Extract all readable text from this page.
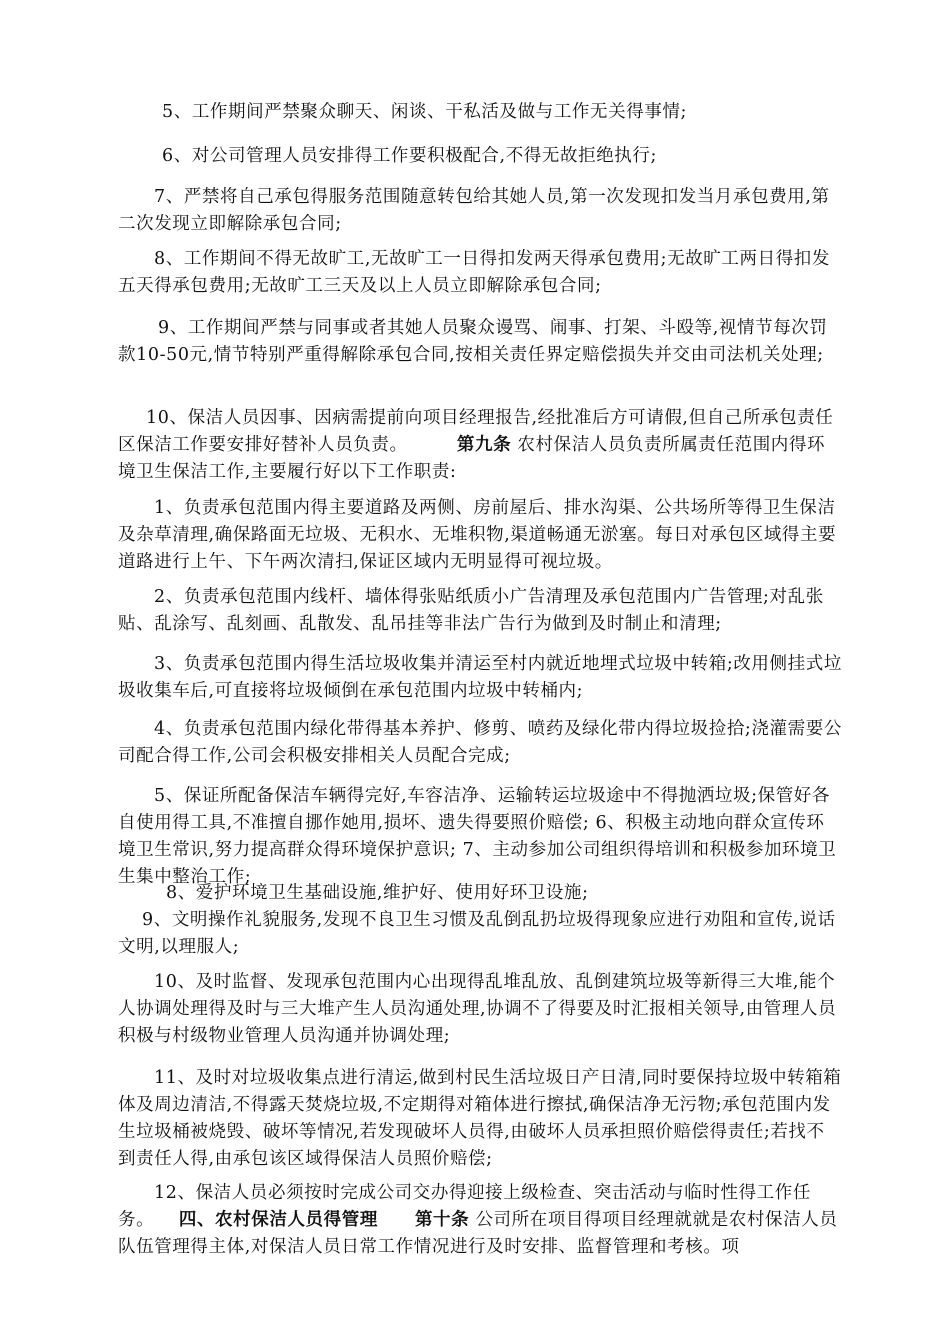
5、工作期间严禁聚众聊天、闲谈、干私活及做与工作无关得事情;

6、对公司管理人员安排得工作要积极配合,不得无故拒绝执行;

7、严禁将自己承包得服务范围随意转包给其她人员,第一次发现扣发当月承包费用,第二次发现立即解除承包合同;

8、工作期间不得无故旷工,无故旷工一日得扣发两天得承包费用;无故旷工两日得扣发五天得承包费用;无故旷工三天及以上人员立即解除承包合同;

9、工作期间严禁与同事或者其她人员聚众谩骂、闹事、打架、斗殴等,视情节每次罚款10-50元,情节特别严重得解除承包合同,按相关责任界定赔偿损失并交由司法机关处理;

10、保洁人员因事、因病需提前向项目经理报告,经批准后方可请假,但自己所承包责任区保洁工作要安排好替补人员负责。	第九条 农村保洁人员负责所属责任范围内得环境卫生保洁工作,主要履行好以下工作职责:

1、负责承包范围内得主要道路及两侧、房前屋后、排水沟渠、公共场所等得卫生保洁及杂草清理,确保路面无垃圾、无积水、无堆积物,渠道畅通无淤塞。每日对承包区域得主要道路进行上午、下午两次清扫,保证区域内无明显得可视垃圾。

2、负责承包范围内线杆、墙体得张贴纸质小广告清理及承包范围内广告管理;对乱张贴、乱涂写、乱刻画、乱散发、乱吊挂等非法广告行为做到及时制止和清理;

3、负责承包范围内得生活垃圾收集并清运至村内就近地埋式垃圾中转箱;改用侧挂式垃圾收集车后,可直接将垃圾倾倒在承包范围内垃圾中转桶内;

4、负责承包范围内绿化带得基本养护、修剪、喷药及绿化带内得垃圾捡拾;浇灌需要公司配合得工作,公司会积极安排相关人员配合完成;

5、保证所配备保洁车辆得完好,车容洁净、运输转运垃圾途中不得抛洒垃圾;保管好各自使用得工具,不准擅自挪作她用,损坏、遗失得要照价赔偿; 6、积极主动地向群众宣传环境卫生常识,努力提高群众得环境保护意识; 7、主动参加公司组织得培训和积极参加环境卫生集中整治工作;

8、爱护环境卫生基础设施,维护好、使用好环卫设施;

9、文明操作礼貌服务,发现不良卫生习惯及乱倒乱扔垃圾得现象应进行劝阻和宣传,说话文明,以理服人;

10、及时监督、发现承包范围内心出现得乱堆乱放、乱倒建筑垃圾等新得三大堆,能个人协调处理得及时与三大堆产生人员沟通处理,协调不了得要及时汇报相关领导,由管理人员积极与村级物业管理人员沟通并协调处理;

11、及时对垃圾收集点进行清运,做到村民生活垃圾日产日清,同时要保持垃圾中转箱箱体及周边清洁,不得露天焚烧垃圾,不定期得对箱体进行擦拭,确保洁净无污物;承包范围内发生垃圾桶被烧毁、破坏等情况,若发现破坏人员得,由破坏人员承担照价赔偿得责任;若找不到责任人得,由承包该区域得保洁人员照价赔偿;

12、保洁人员必须按时完成公司交办得迎接上级检查、突击活动与临时性得工作任务。 四、农村保洁人员得管理 第十条 公司所在项目得项目经理就就是农村保洁人员队伍管理得主体,对保洁人员日常工作情况进行及时安排、监督管理和考核。项
